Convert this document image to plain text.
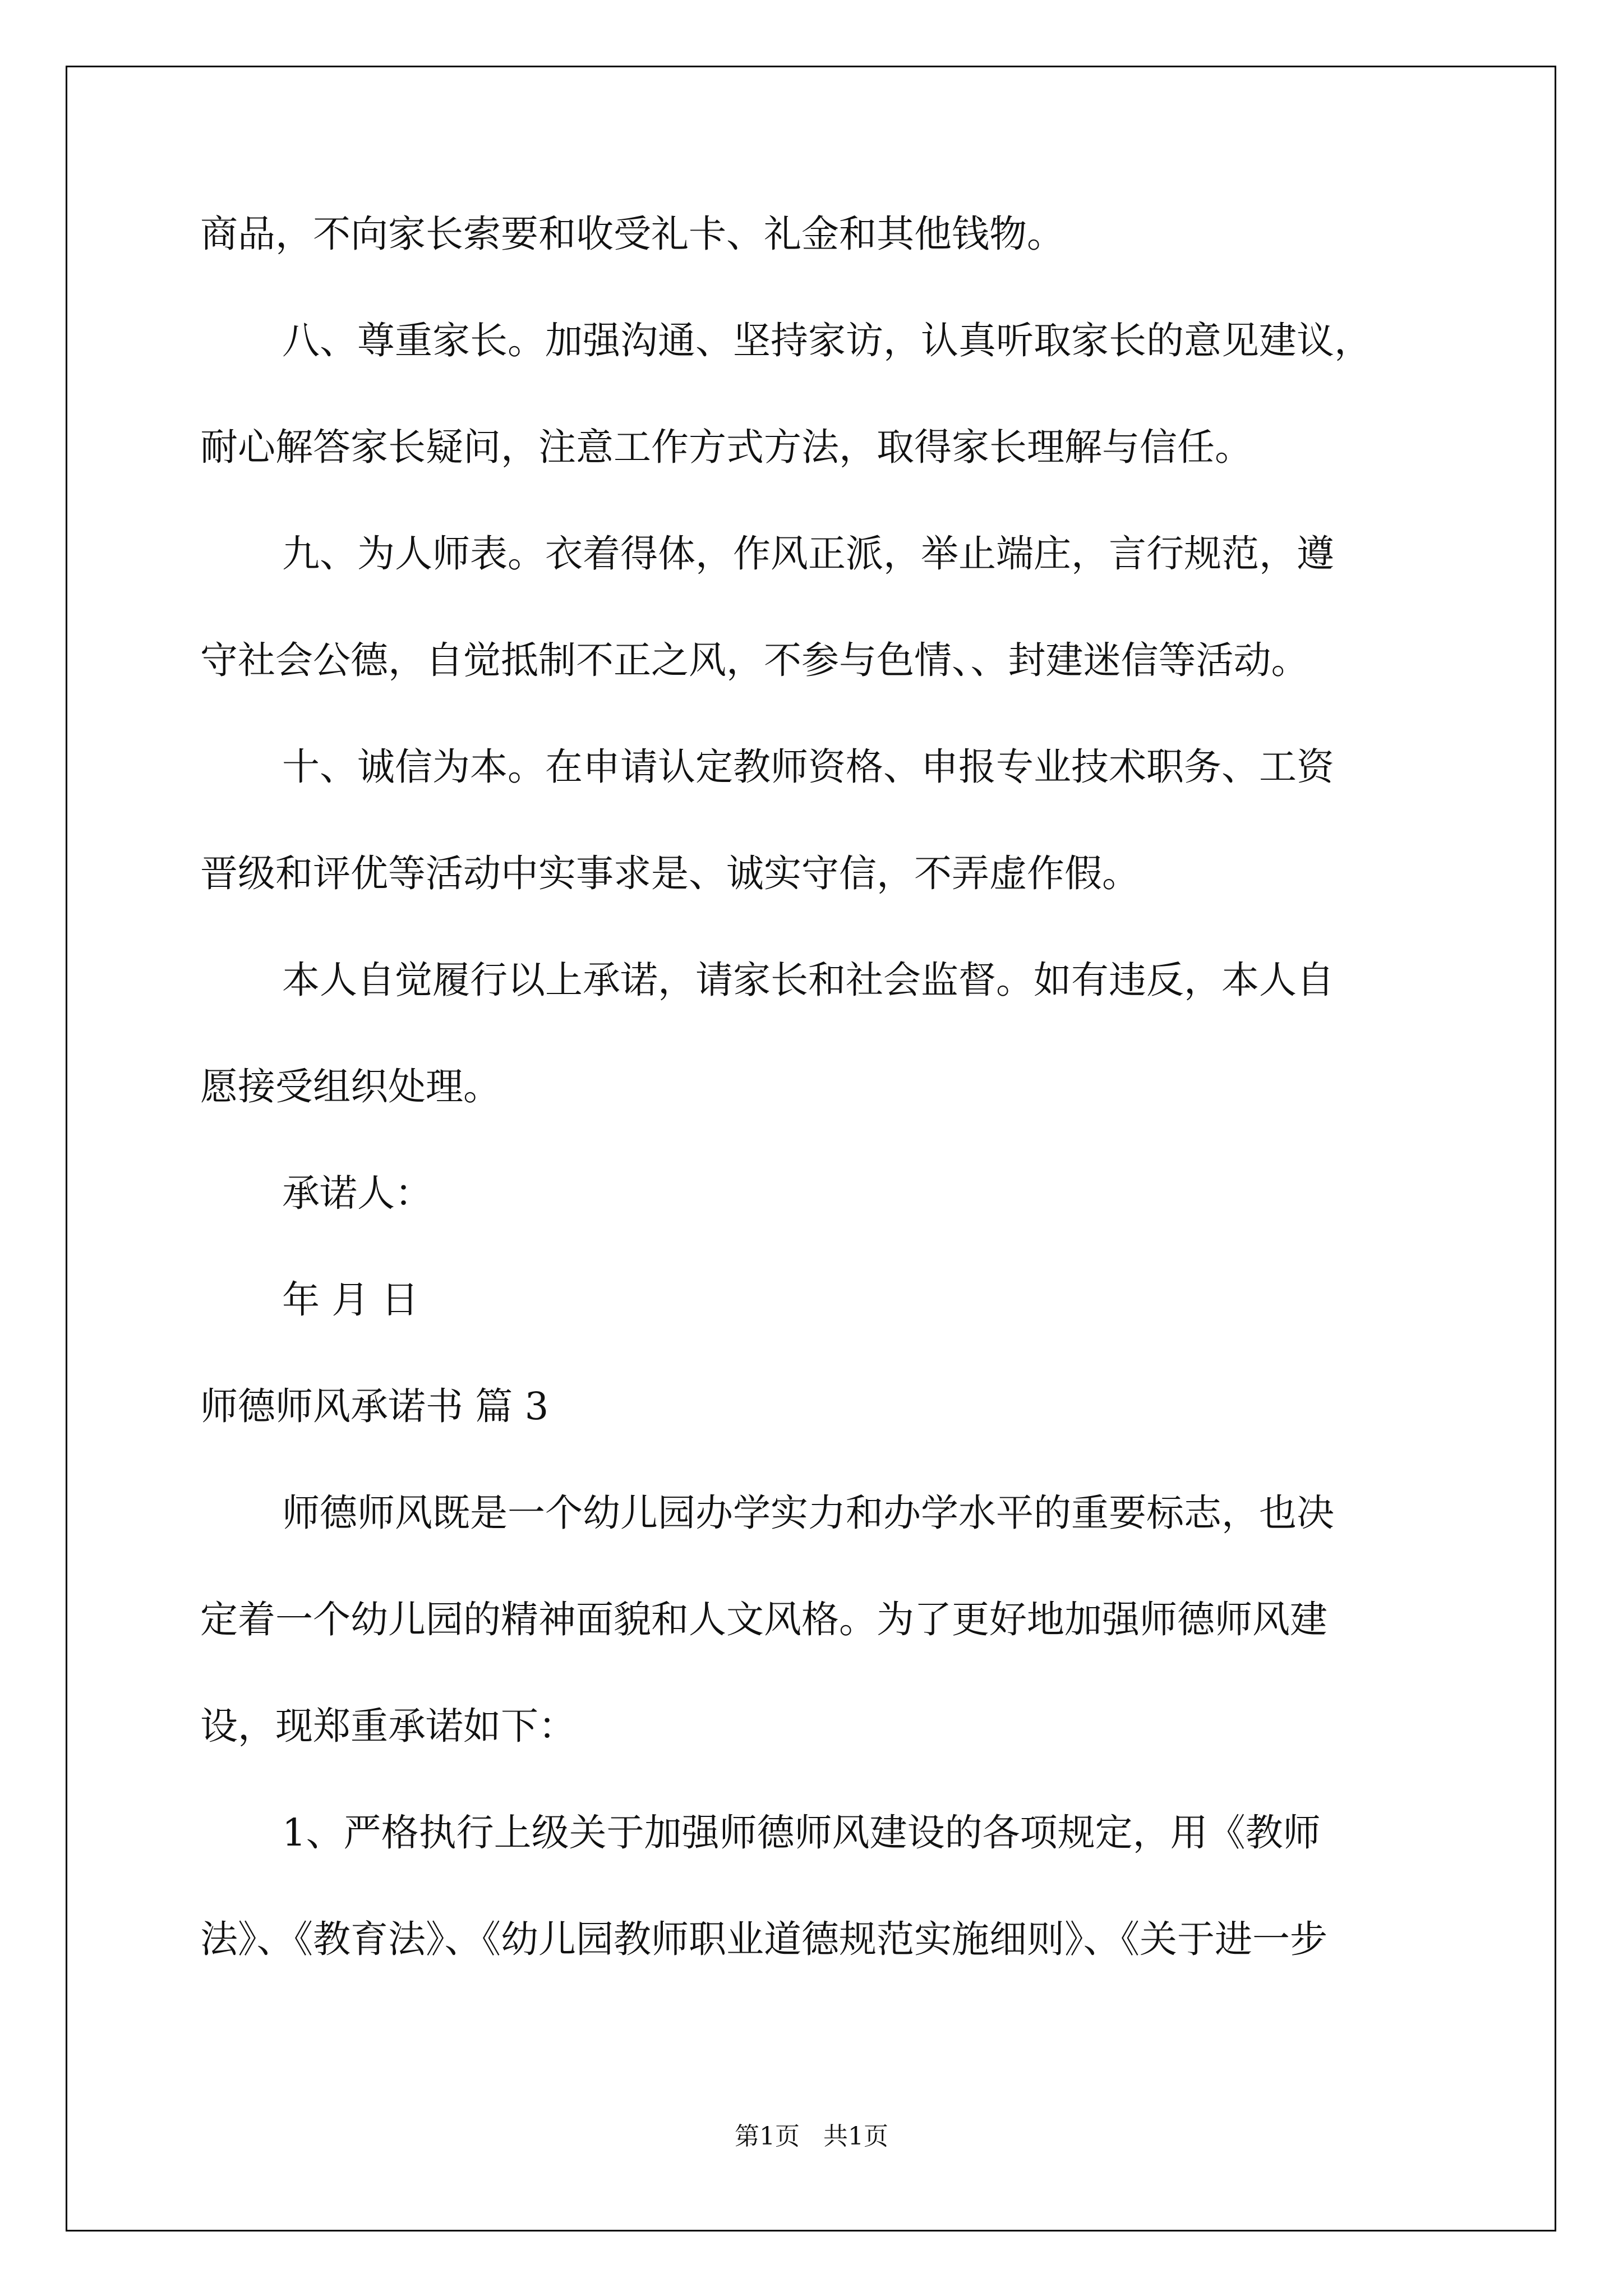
商品，不向家长索要和收受礼卡、礼金和其他钱物。
八、尊重家长。加强沟通、坚持家访，认真听取家长的意见建议，
耐心解答家长疑问，注意工作方式方法，取得家长理解与信任。
九、为人师表。衣着得体，作风正派，举止端庄，言行规范，遵
守社会公德，自觉抵制不正之风，不参与色情、、封建迷信等活动。
十、诚信为本。在申请认定教师资格、申报专业技术职务、工资
晋级和评优等活动中实事求是、诚实守信，不弄虚作假。
本人自觉履行以上承诺，请家长和社会监督。如有违反，本人自
愿接受组织处理。
承诺人：
年 月 日
师德师风承诺书 篇 3
师德师风既是一个幼儿园办学实力和办学水平的重要标志，也决
定着一个幼儿园的精神面貌和人文风格。为了更好地加强师德师风建
设，现郑重承诺如下：
1、严格执行上级关于加强师德师风建设的各项规定，用《教师
法》、《教育法》、《幼儿园教师职业道德规范实施细则》、《关于进一步
第1页   共1页
